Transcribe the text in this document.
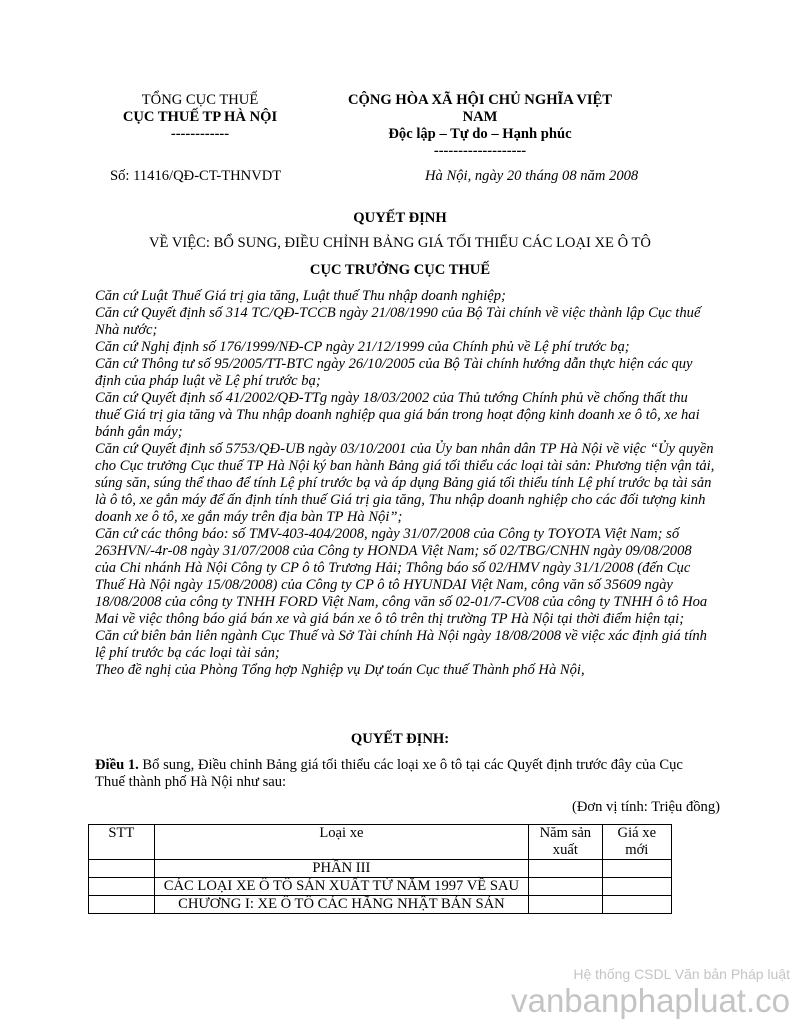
TỔNG CỤC THUẾ
CỤC THUẾ TP HÀ NỘI
------------
CỘNG HÒA XÃ HỘI CHỦ NGHĨA VIỆT
NAM
Độc lập – Tự do – Hạnh phúc
-------------------
Số: 11416/QĐ-CT-THNVDT	Hà Nội, ngày 20 tháng 08 năm 2008
QUYẾT ĐỊNH
VỀ VIỆC: BỔ SUNG, ĐIỀU CHỈNH BẢNG GIÁ TỐI THIỂU CÁC LOẠI XE Ô TÔ
CỤC TRƯỞNG CỤC THUẾ
Căn cứ Luật Thuế Giá trị gia tăng, Luật thuế Thu nhập doanh nghiệp;
Căn cứ Quyết định số 314 TC/QĐ-TCCB ngày 21/08/1990 của Bộ Tài chính về việc thành lập Cục thuế Nhà nước;
Căn cứ Nghị định số 176/1999/NĐ-CP ngày 21/12/1999 của Chính phủ về Lệ phí trước bạ;
Căn cứ Thông tư số 95/2005/TT-BTC ngày 26/10/2005 của Bộ Tài chính hướng dẫn thực hiện các quy định của pháp luật về Lệ phí trước bạ;
Căn cứ Quyết định số 41/2002/QĐ-TTg ngày 18/03/2002 của Thủ tướng Chính phủ về chống thất thu thuế Giá trị gia tăng và Thu nhập doanh nghiệp qua giá bán trong hoạt động kinh doanh xe ô tô, xe hai bánh gắn máy;
Căn cứ Quyết định số 5753/QĐ-UB ngày 03/10/2001 của Ủy ban nhân dân TP Hà Nội về việc “Ủy quyền cho Cục trưởng Cục thuế TP Hà Nội ký ban hành Bảng giá tối thiểu các loại tài sản: Phương tiện vận tải, súng săn, súng thể thao để tính Lệ phí trước bạ và áp dụng Bảng giá tối thiểu tính Lệ phí trước bạ tài sản là ô tô, xe gắn máy để ấn định tính thuế Giá trị gia tăng, Thu nhập doanh nghiệp cho các đối tượng kinh doanh xe ô tô, xe gắn máy trên địa bàn TP Hà Nội”;
Căn cứ các thông báo: số TMV-403-404/2008, ngày 31/07/2008 của Công ty TOYOTA Việt Nam; số 263HVN/-4r-08 ngày 31/07/2008 của Công ty HONDA Việt Nam; số 02/TBG/CNHN ngày 09/08/2008 của Chi nhánh Hà Nội Công ty CP ô tô Trương Hải; Thông báo số 02/HMV ngày 31/1/2008 (đến Cục Thuế Hà Nội ngày 15/08/2008) của Công ty CP ô tô HYUNDAI Việt Nam, công văn số 35609 ngày 18/08/2008 của công ty TNHH FORD Việt Nam, công văn số 02-01/7-CV08 của công ty TNHH ô tô Hoa Mai về việc thông báo giá bán xe và giá bán xe ô tô trên thị trường TP Hà Nội tại thời điểm hiện tại;
Căn cứ biên bản liên ngành Cục Thuế và Sở Tài chính Hà Nội ngày 18/08/2008 về việc xác định giá tính lệ phí trước bạ các loại tài sản;
Theo đề nghị của Phòng Tổng hợp Nghiệp vụ Dự toán Cục thuế Thành phố Hà Nội,
QUYẾT ĐỊNH:
Điều 1. Bổ sung, Điều chỉnh Bảng giá tối thiểu các loại xe ô tô tại các Quyết định trước đây của Cục Thuế thành phố Hà Nội như sau:
(Đơn vị tính: Triệu đồng)
STT	Loại xe	Năm sản xuất	Giá xe mới
	PHẦN III		
	CÁC LOẠI XE Ô TÔ SẢN XUẤT TỪ NĂM 1997 VỀ SAU		
	CHƯƠNG I: XE Ô TÔ CÁC HÃNG NHẬT BẢN SẢN		
Hệ thống CSDL Văn bản Pháp luật
vanbanphapluat.co
